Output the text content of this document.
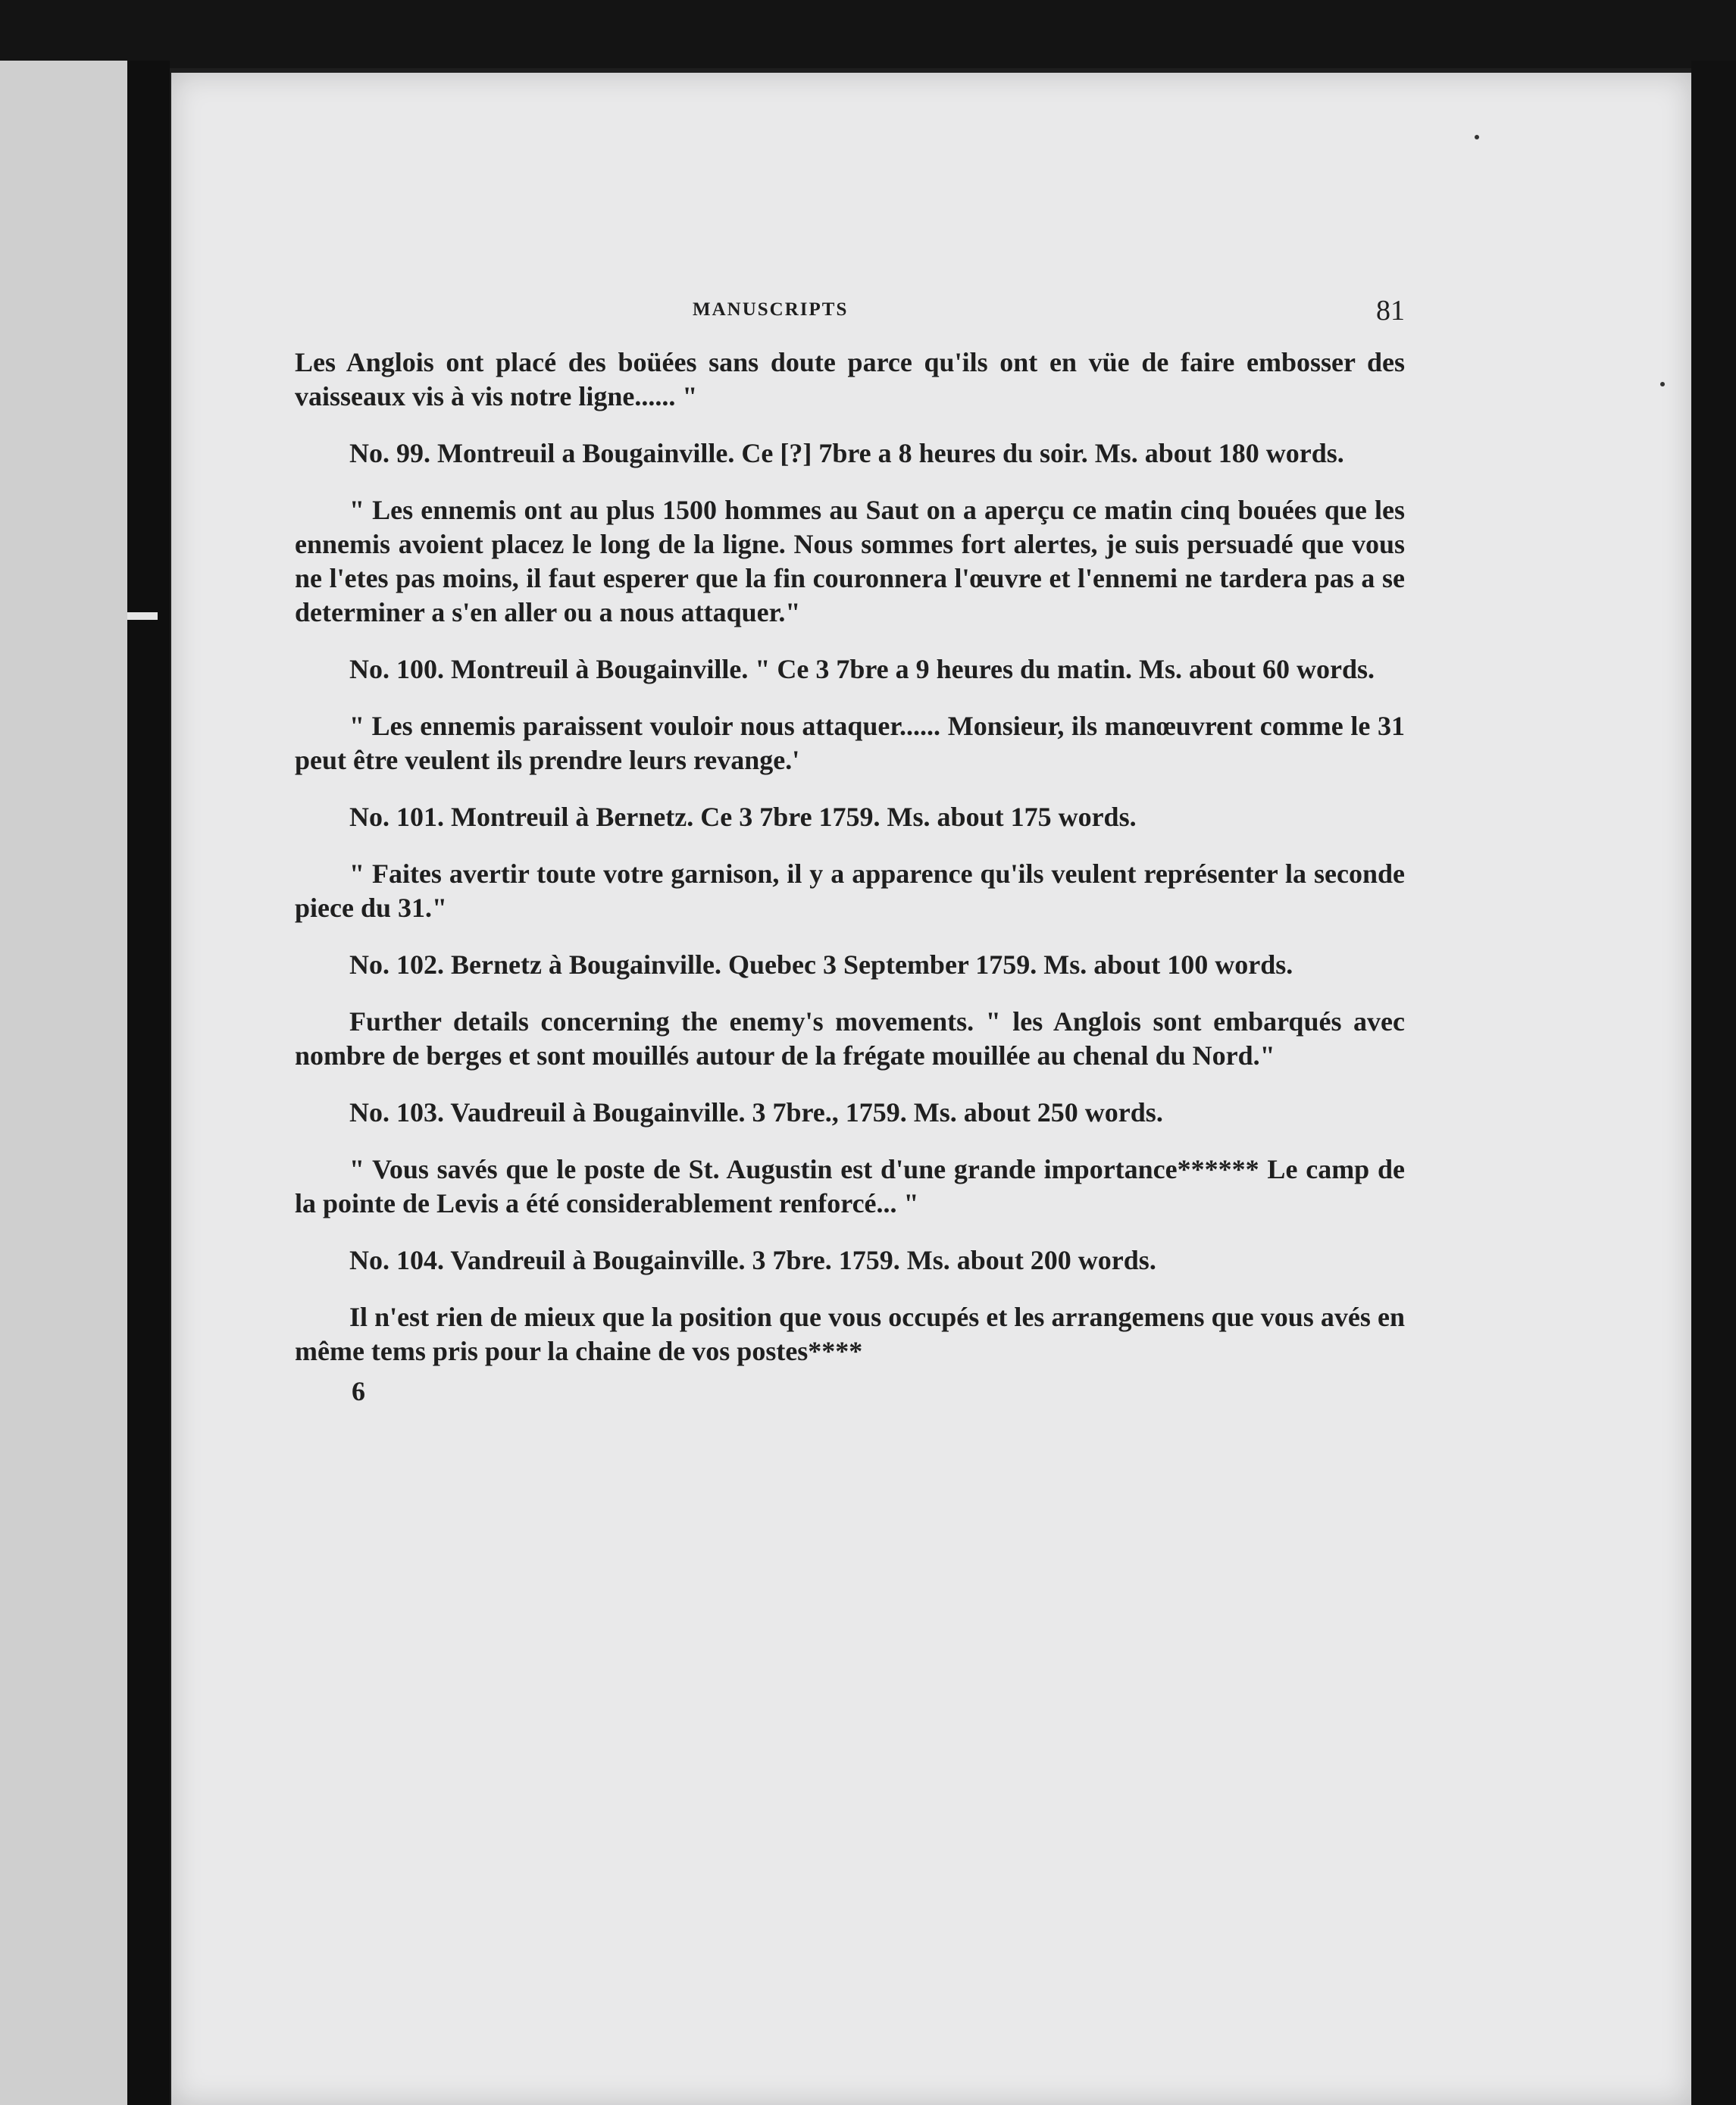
MANUSCRIPTS	81

Les Anglois ont placé des boüées sans doute parce qu'ils ont en vüe de faire embosser des vaisseaux vis à vis notre ligne...... "

No. 99. Montreuil a Bougainville. Ce [?] 7bre a 8 heures du soir. Ms. about 180 words.

" Les ennemis ont au plus 1500 hommes au Saut on a aperçu ce matin cinq bouées que les ennemis avoient placez le long de la ligne. Nous sommes fort alertes, je suis persuadé que vous ne l'etes pas moins, il faut esperer que la fin couronnera l'œuvre et l'ennemi ne tardera pas a se determiner a s'en aller ou a nous attaquer."

No. 100. Montreuil à Bougainville. " Ce 3 7bre a 9 heures du matin. Ms. about 60 words.

" Les ennemis paraissent vouloir nous attaquer...... Monsieur, ils manœuvrent comme le 31 peut être veulent ils prendre leurs revange.'

No. 101. Montreuil à Bernetz. Ce 3 7bre 1759. Ms. about 175 words.

" Faites avertir toute votre garnison, il y a apparence qu'ils veulent représenter la seconde piece du 31."

No. 102. Bernetz à Bougainville. Quebec 3 September 1759. Ms. about 100 words.

Further details concerning the enemy's movements. " les Anglois sont embarqués avec nombre de berges et sont mouillés autour de la frégate mouillée au chenal du Nord."

No. 103. Vaudreuil à Bougainville. 3 7bre., 1759. Ms. about 250 words.

" Vous savés que le poste de St. Augustin est d'une grande importance****** Le camp de la pointe de Levis a été considerablement renforcé... "

No. 104. Vandreuil à Bougainville. 3 7bre. 1759. Ms. about 200 words.

Il n'est rien de mieux que la position que vous occupés et les arrangemens que vous avés en même tems pris pour la chaine de vos postes****

6
